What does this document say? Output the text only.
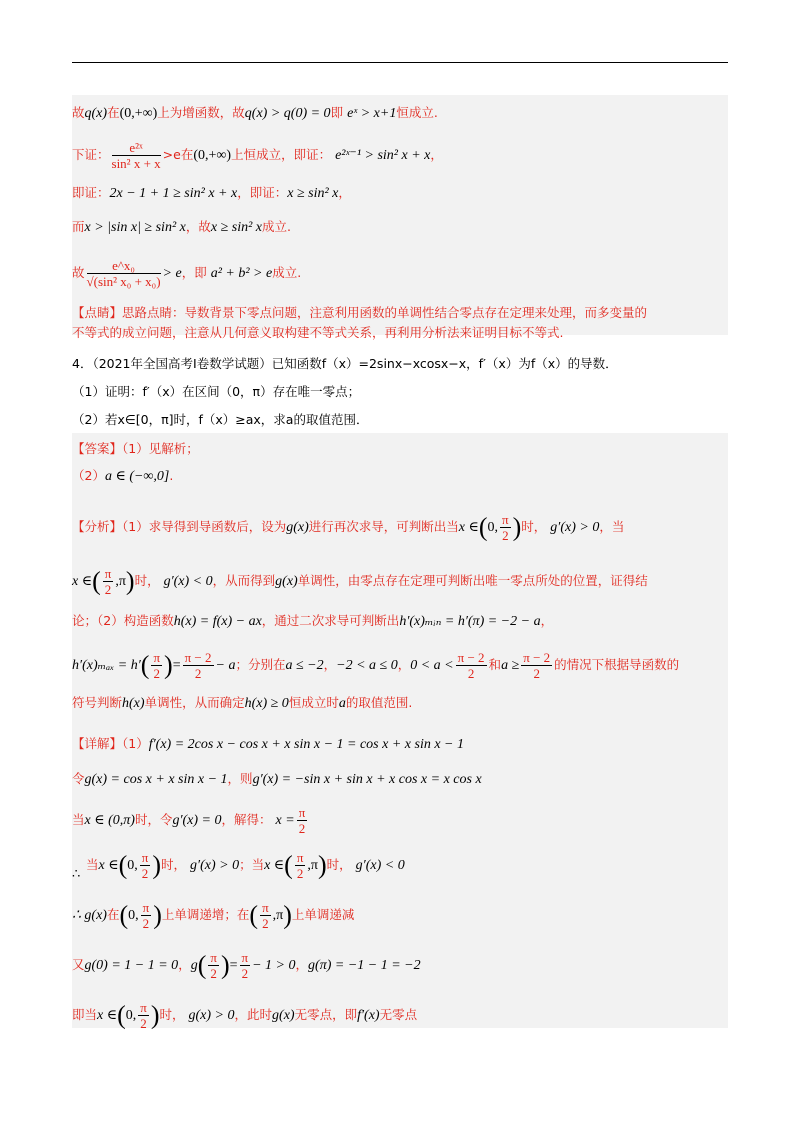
故q(x)在(0,+∞)上为增函数，故q(x) > q(0) = 0即 eˣ > x+1恒成立.
下证： $\frac{\text{e²ˣ}}{\text{sin² x + x}} >e$在(0,+∞)上恒成立，即证： e²ˣ⁻¹ > sin² x + x，
即证：2x − 1 + 1 ≥ sin² x + x，即证：x ≥ sin² x，
而x > |sin x| ≥ sin² x，故x ≥ sin² x成立.
故 $\frac{\text{e\textasciicircum{}x₀}}{\text{√(sin² x₀ + x₀)}} > e$，即 a² + b² > e成立.
【点睛】思路点睛：导数背景下零点问题，注意利用函数的单调性结合零点存在定理来处理，而多变量的
不等式的成立问题，注意从几何意义取构建不等式关系，再利用分析法来证明目标不等式.
4．（2021年全国高考Ⅰ卷数学试题）已知函数f（x）=2sinx−xcosx−x，f′（x）为f（x）的导数．
（1）证明：f′（x）在区间（0，π）存在唯一零点；
（2）若x∈[0，π]时，f（x）≥ax，求a的取值范围．
【答案】（1）见解析；
（2）a ∈ (−∞,0].
【分析】（1）求导得到导函数后，设为g(x)进行再次求导，可判断出当x ∈(0, $\frac{\pi}{2}$ )时， g′(x) > 0，当
x ∈( $\frac{\pi}{2} ,\pi$)时， g′(x) < 0，从而得到g(x)单调性，由零点存在定理可判断出唯一零点所处的位置，证得结
论；（2）构造函数h(x) = f(x) − ax，通过二次求导可判断出h′(x)ₘᵢₙ = h′(π) = −2 − a，
$h'(x)_{max} = h'( \frac{\pi}{2}$ )= $\frac{\pi - 2}{2} - a$；分别在a ≤ −2，−2 < a ≤ 0，$0 < a < \frac{\pi - 2}{2}$ 和$a \ge \frac{\pi - 2}{2}$ 的情况下根据导函数的
符号判断h(x)单调性，从而确定h(x) ≥ 0恒成立时a的取值范围.
【详解】（1）f′(x) = 2cos x − cos x + x sin x − 1 = cos x + x sin x − 1
令g(x) = cos x + x sin x − 1，则g′(x) = −sin x + sin x + x cos x = x cos x
当x ∈ (0,π)时，令g′(x) = 0，解得： $x = \frac{\pi}{2}$
当x ∈(0, $\frac{\pi}{2}$ )时， g′(x) > 0；当x ∈( $\frac{\pi}{2} ,\pi$)时， g′(x) < 0
∴
∴ g(x)在(0, $\frac{\pi}{2}$ )上单调递增；在( $\frac{\pi}{2} ,\pi$)上单调递减
又g(0) = 1 − 1 = 0，$g( \frac{\pi}{2}$ )= $\frac{\pi}{2} - 1 > 0$，g(π) = −1 − 1 = −2
即当x ∈(0, $\frac{\pi}{2}$ )时， g(x) > 0，此时g(x)无零点，即f′(x)无零点
